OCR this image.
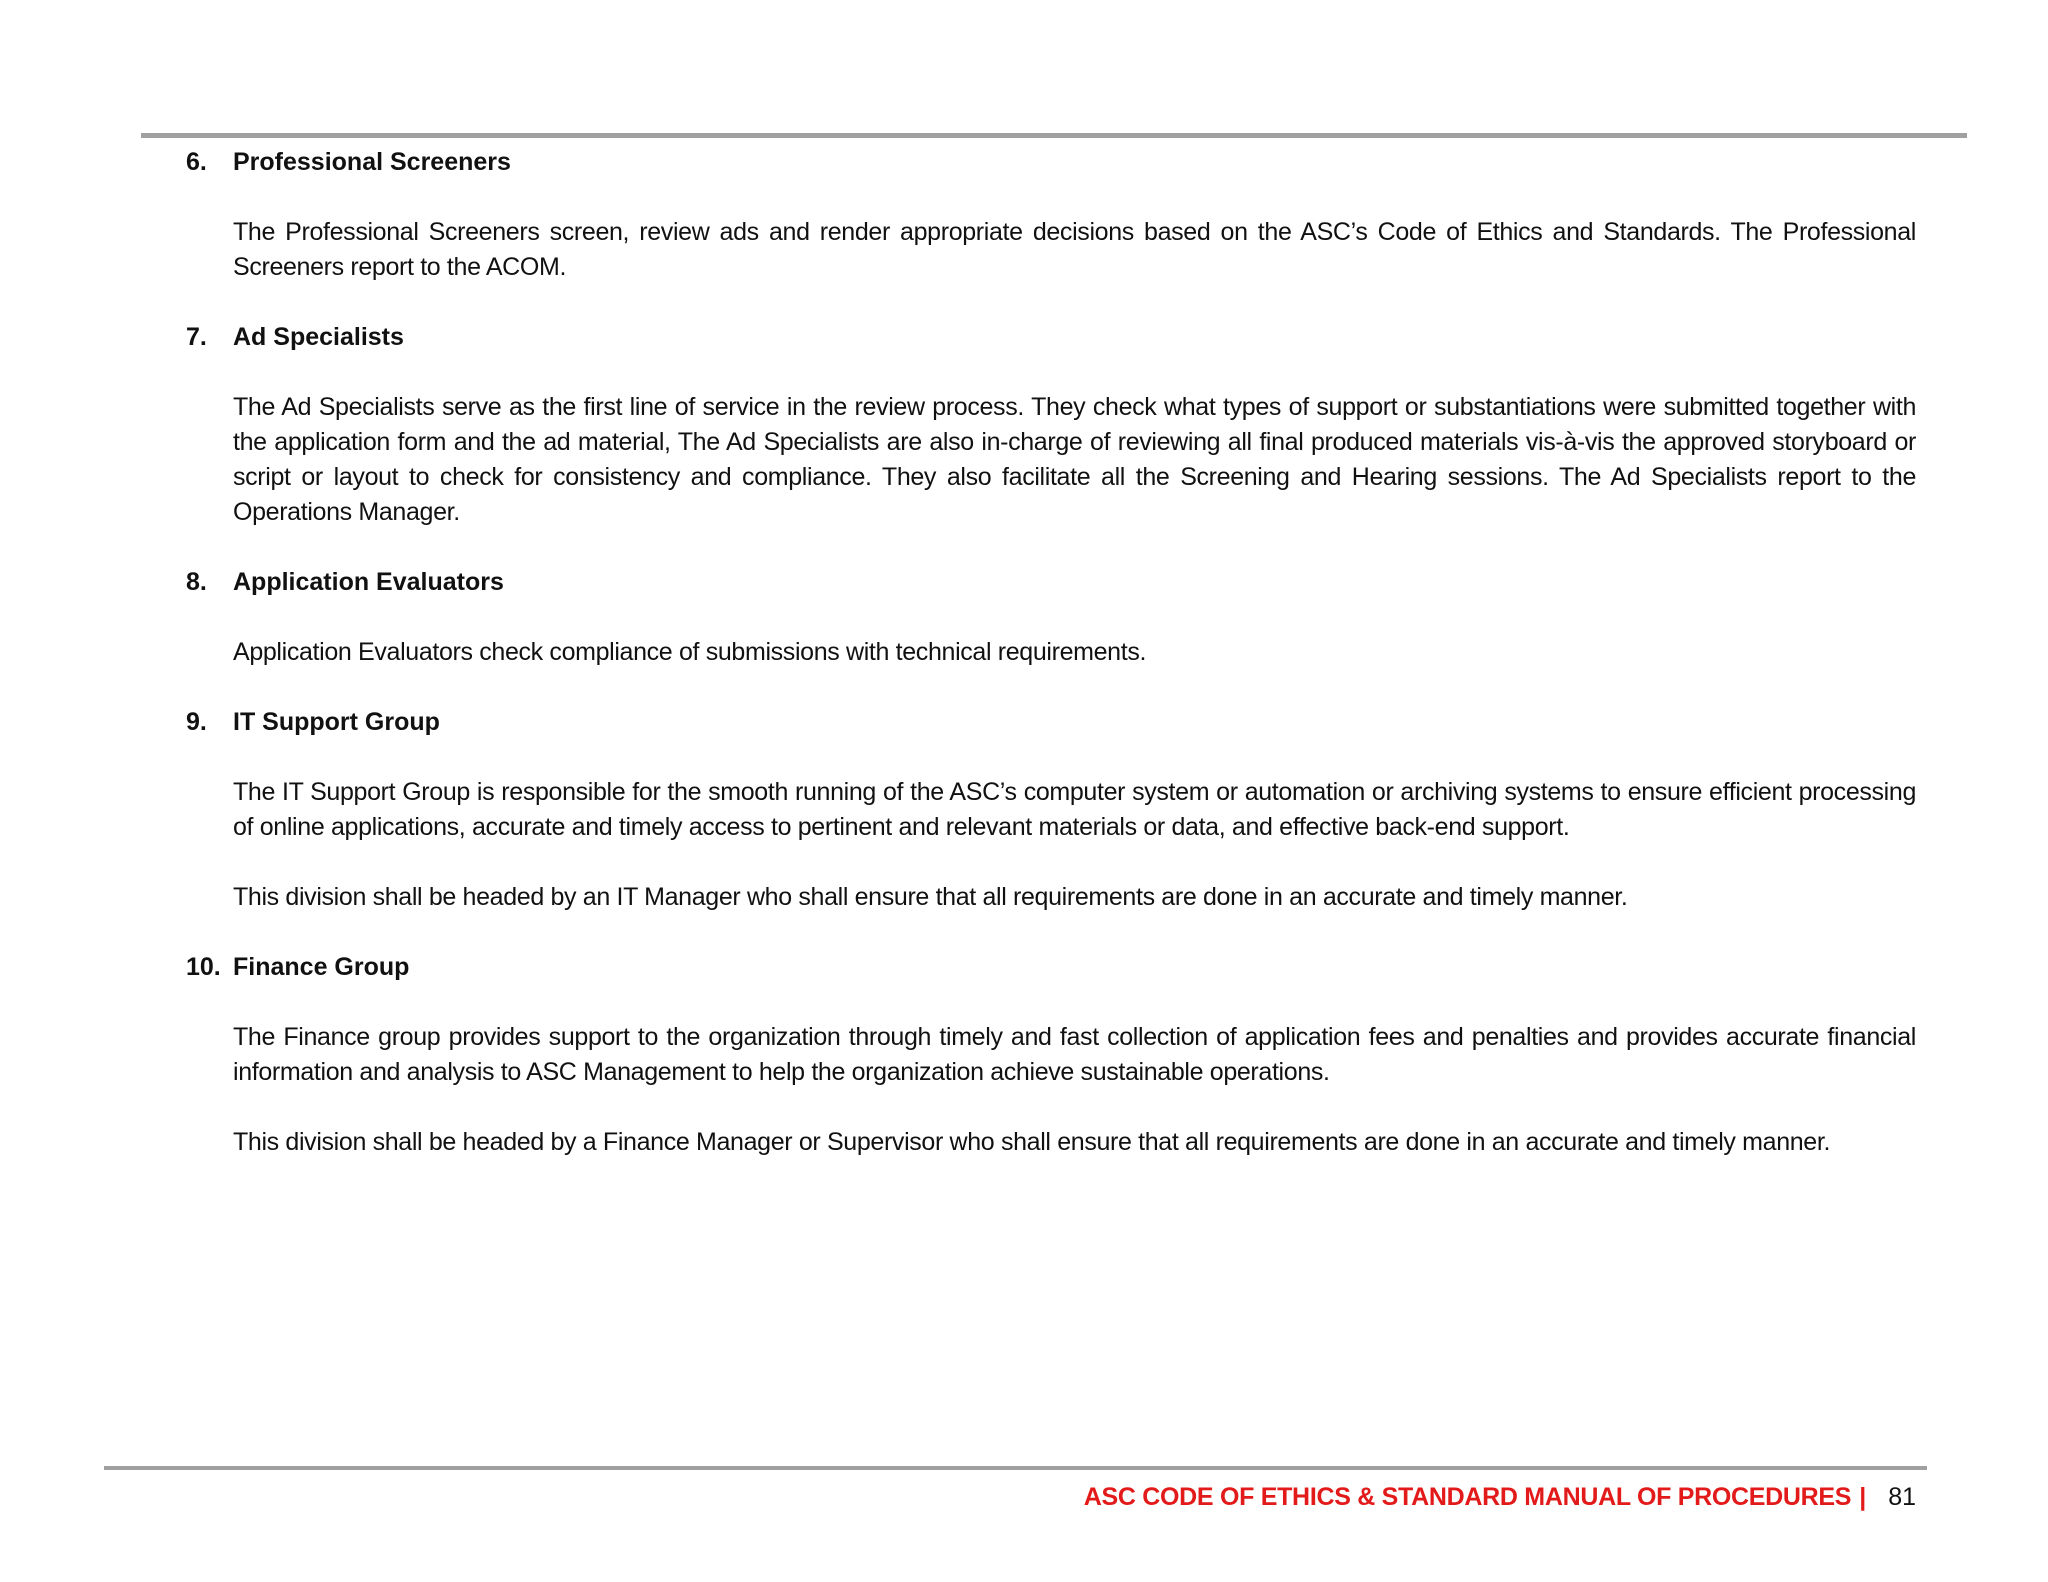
6.	Professional Screeners

The Professional Screeners screen, review ads and render appropriate decisions based on the ASC’s Code of Ethics and Standards. The Professional Screeners report to the ACOM.

7.	Ad Specialists

The Ad Specialists serve as the first line of service in the review process. They check what types of support or substantiations were submitted together with the application form and the ad material, The Ad Specialists are also in-charge of reviewing all final produced materials vis-à-vis the approved storyboard or script or layout to check for consistency and compliance. They also facilitate all the Screening and Hearing sessions. The Ad Specialists report to the Operations Manager.

8.	Application Evaluators

Application Evaluators check compliance of submissions with technical requirements.

9.	IT Support Group

The IT Support Group is responsible for the smooth running of the ASC’s computer system or automation or archiving systems to ensure efficient processing of online applications, accurate and timely access to pertinent and relevant materials or data, and effective back-end support.

This division shall be headed by an IT Manager who shall ensure that all requirements are done in an accurate and timely manner.

10. Finance Group

The Finance group provides support to the organization through timely and fast collection of application fees and penalties and provides accurate financial information and analysis to ASC Management to help the organization achieve sustainable operations.

This division shall be headed by a Finance Manager or Supervisor who shall ensure that all requirements are done in an accurate and timely manner.

ASC CODE OF ETHICS & STANDARD MANUAL OF PROCEDURES | 81
